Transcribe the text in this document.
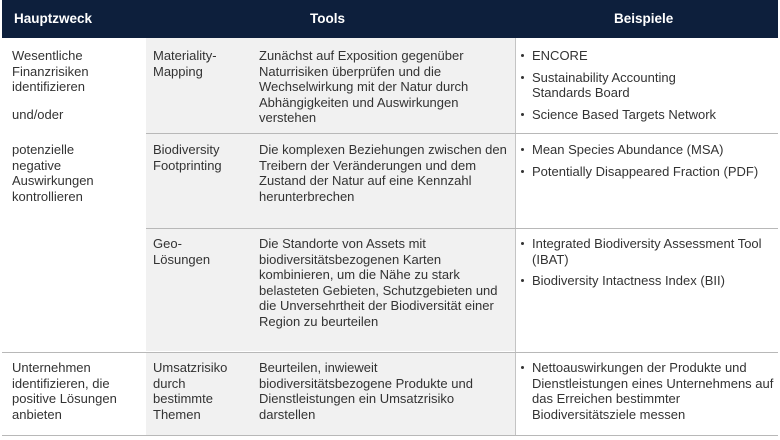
Hauptzweck	Tools	Beispiele
Wesentliche Finanzrisiken identifizieren
und/oder
potenzielle negative Auswirkungen kontrollieren
Materiality-Mapping
Zunächst auf Exposition gegenüber Naturrisiken überprüfen und die Wechselwirkung mit der Natur durch Abhängigkeiten und Auswirkungen verstehen
ENCORE
Sustainability Accounting Standards Board
Science Based Targets Network
Biodiversity Footprinting
Die komplexen Beziehungen zwischen den Treibern der Veränderungen und dem Zustand der Natur auf eine Kennzahl herunterbrechen
Mean Species Abundance (MSA)
Potentially Disappeared Fraction (PDF)
Geo-Lösungen
Die Standorte von Assets mit biodiversitätsbezogenen Karten kombinieren, um die Nähe zu stark belasteten Gebieten, Schutzgebieten und die Unversehrtheit der Biodiversität einer Region zu beurteilen
Integrated Biodiversity Assessment Tool (IBAT)
Biodiversity Intactness Index (BII)
Unternehmen identifizieren, die positive Lösungen anbieten
Umsatzrisiko durch bestimmte Themen
Beurteilen, inwieweit biodiversitätsbezogene Produkte und Dienstleistungen ein Umsatzrisiko darstellen
Nettoauswirkungen der Produkte und Dienstleistungen eines Unternehmens auf das Erreichen bestimmter Biodiversitätsziele messen
